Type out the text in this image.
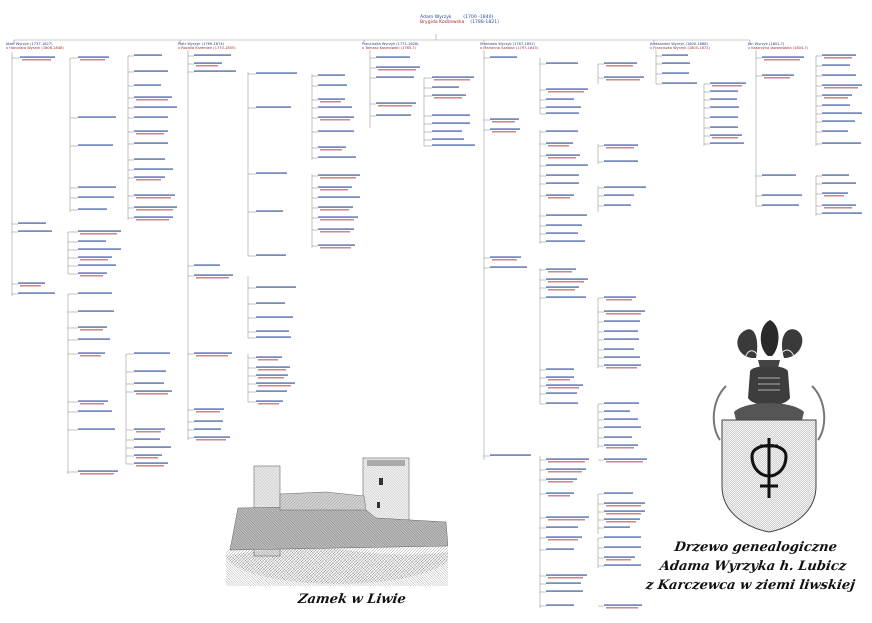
Adam Wyrzyk	(1700 -1840)
Brygida Kodzewska (1788-1821)
Józef Wyrzyk (1737-1827)
x Honorata Wyrzyk (1806-1848)
Piotr Wyrzyk (1769-1874)
x Rozalia Krzemień (1770-1855)
Franciszka Wyrzyk (1771-1828)
x Tomasz Kosmowski (1765-?)
Stanisław Wyrzyk (1787-1852)
x Marianna Szalska (1797-1845)
Aleksander Wyrzyk (1800-1888)
x Franciszka Wyrzyk (1805-1872)
Jan Wyrzyk (1801-?)
x Katarzyna Jaworowska (1804-?)
Zamek w Liwie
Drzewo genealogiczne
Adama Wyrzyka h. Lubicz
z Karczewca w ziemi liwskiej
